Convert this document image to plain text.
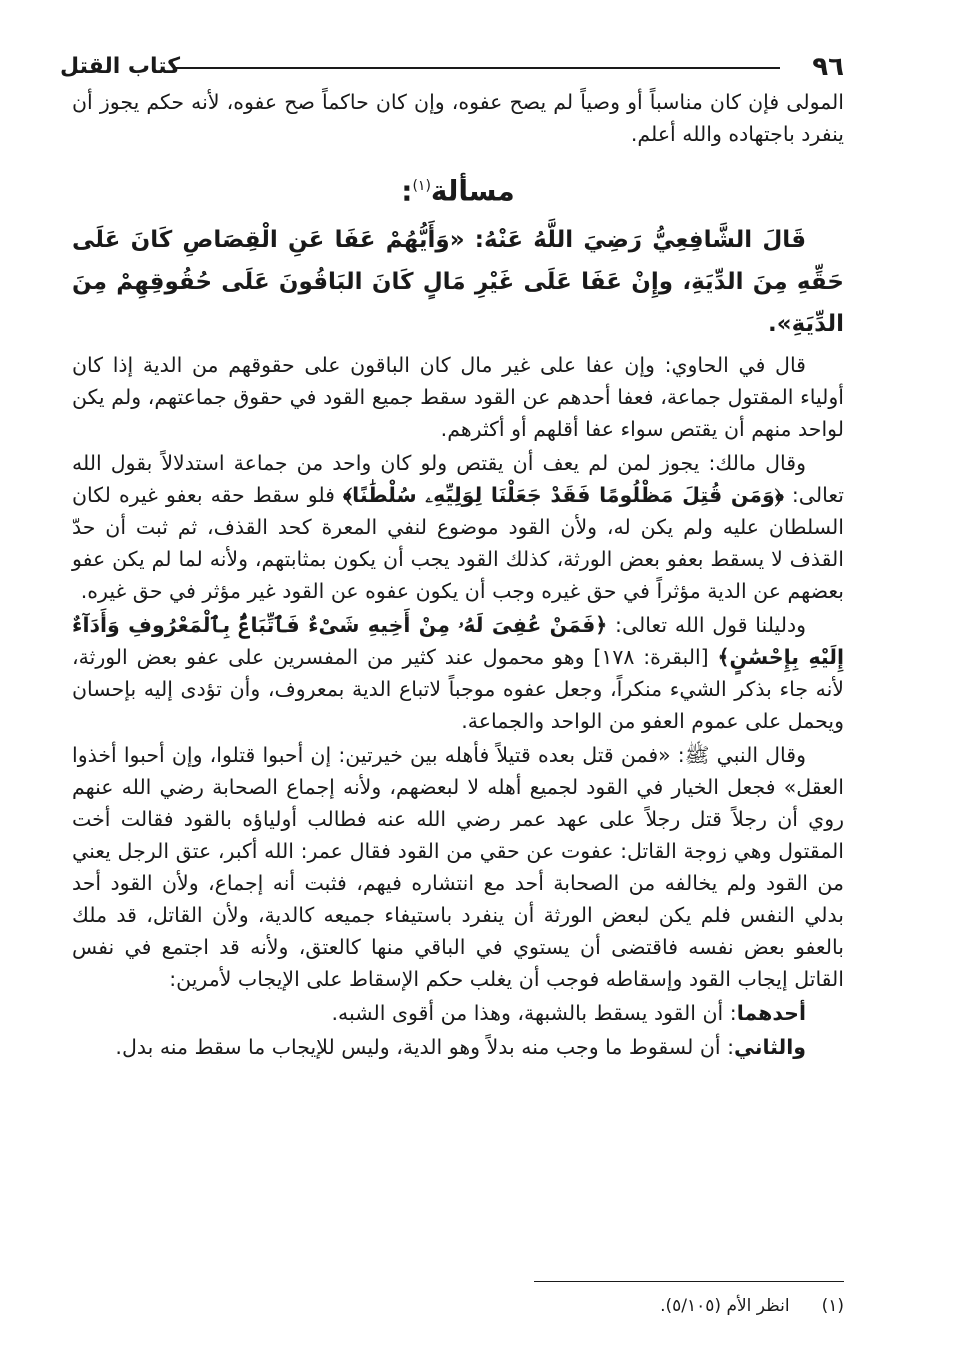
٩٦
كتاب القتل

المولى فإن كان مناسباً أو وصياً لم يصح عفوه، وإن كان حاكماً صح عفوه، لأنه حكم يجوز أن ينفرد باجتهاده والله أعلم.

مسألة$^{(١)}$:

قَالَ الشَّافِعِيُّ رَضِيَ اللَّهُ عَنْهُ: «وَأَيُّهُمْ عَفَا عَنِ الْقِصَاصِ كَانَ عَلَى حَقِّهِ مِنَ الدِّيَةِ، وإِنْ عَفَا عَلَى غَيْرِ مَالٍ كَانَ البَاقُونَ عَلَى حُقُوقِهِمْ مِنَ الدِّيَةِ».

قال في الحاوي: وإن عفا على غير مال كان الباقون على حقوقهم من الدية إذا كان أولياء المقتول جماعة، فعفا أحدهم عن القود سقط جميع القود في حقوق جماعتهم، ولم يكن لواحد منهم أن يقتص سواء عفا أقلهم أو أكثرهم.

وقال مالك: يجوز لمن لم يعف أن يقتص ولو كان واحد من جماعة استدلالاً بقول الله تعالى: ﴿وَمَن قُتِلَ مَظْلُومًا فَقَدْ جَعَلْنَا لِوَلِيِّهِۦ سُلْطَٰنًا﴾ فلو سقط حقه بعفو غيره لكان السلطان عليه ولم يكن له، ولأن القود موضوع لنفي المعرة كحد القذف، ثم ثبت أن حدّ القذف لا يسقط بعفو بعض الورثة، كذلك القود يجب أن يكون بمثابتهم، ولأنه لما لم يكن عفو بعضهم عن الدية مؤثراً في حق غيره وجب أن يكون عفوه عن القود غير مؤثر في حق غيره.

ودليلنا قول الله تعالى: ﴿فَمَنْ عُفِىَ لَهُۥ مِنْ أَخِيهِ شَىْءٌ فَٱتِّبَاعٌۢ بِٱلْمَعْرُوفِ وَأَدَآءٌ إِلَيْهِ بِإِحْسَٰنٍ﴾ [البقرة: ١٧٨] وهو محمول عند كثير من المفسرين على عفو بعض الورثة، لأنه جاء بذكر الشيء منكراً، وجعل عفوه موجباً لاتباع الدية بمعروف، وأن تؤدى إليه بإحسان ويحمل على عموم العفو من الواحد والجماعة.

وقال النبي ﷺ: «فمن قتل بعده قتيلاً فأهله بين خيرتين: إن أحبوا قتلوا، وإن أحبوا أخذوا العقل» فجعل الخيار في القود لجميع أهله لا لبعضهم، ولأنه إجماع الصحابة رضي الله عنهم روي أن رجلاً قتل رجلاً على عهد عمر رضي الله عنه فطالب أولياؤه بالقود فقالت أخت المقتول وهي زوجة القاتل: عفوت عن حقي من القود فقال عمر: الله أكبر، عتق الرجل يعني من القود ولم يخالفه من الصحابة أحد مع انتشاره فيهم، فثبت أنه إجماع، ولأن القود أحد بدلي النفس فلم يكن لبعض الورثة أن ينفرد باستيفاء جميعه كالدية، ولأن القاتل، قد ملك بالعفو بعض نفسه فاقتضى أن يستوي في الباقي منها كالعتق، ولأنه قد اجتمع في نفس القاتل إيجاب القود وإسقاطه فوجب أن يغلب حكم الإسقاط على الإيجاب لأمرين:

أحدهما: أن القود يسقط بالشبهة، وهذا من أقوى الشبه.

والثاني: أن لسقوط ما وجب منه بدلاً وهو الدية، وليس للإيجاب ما سقط منه بدل.

(١)انظر الأم (٥/١٠٥).
